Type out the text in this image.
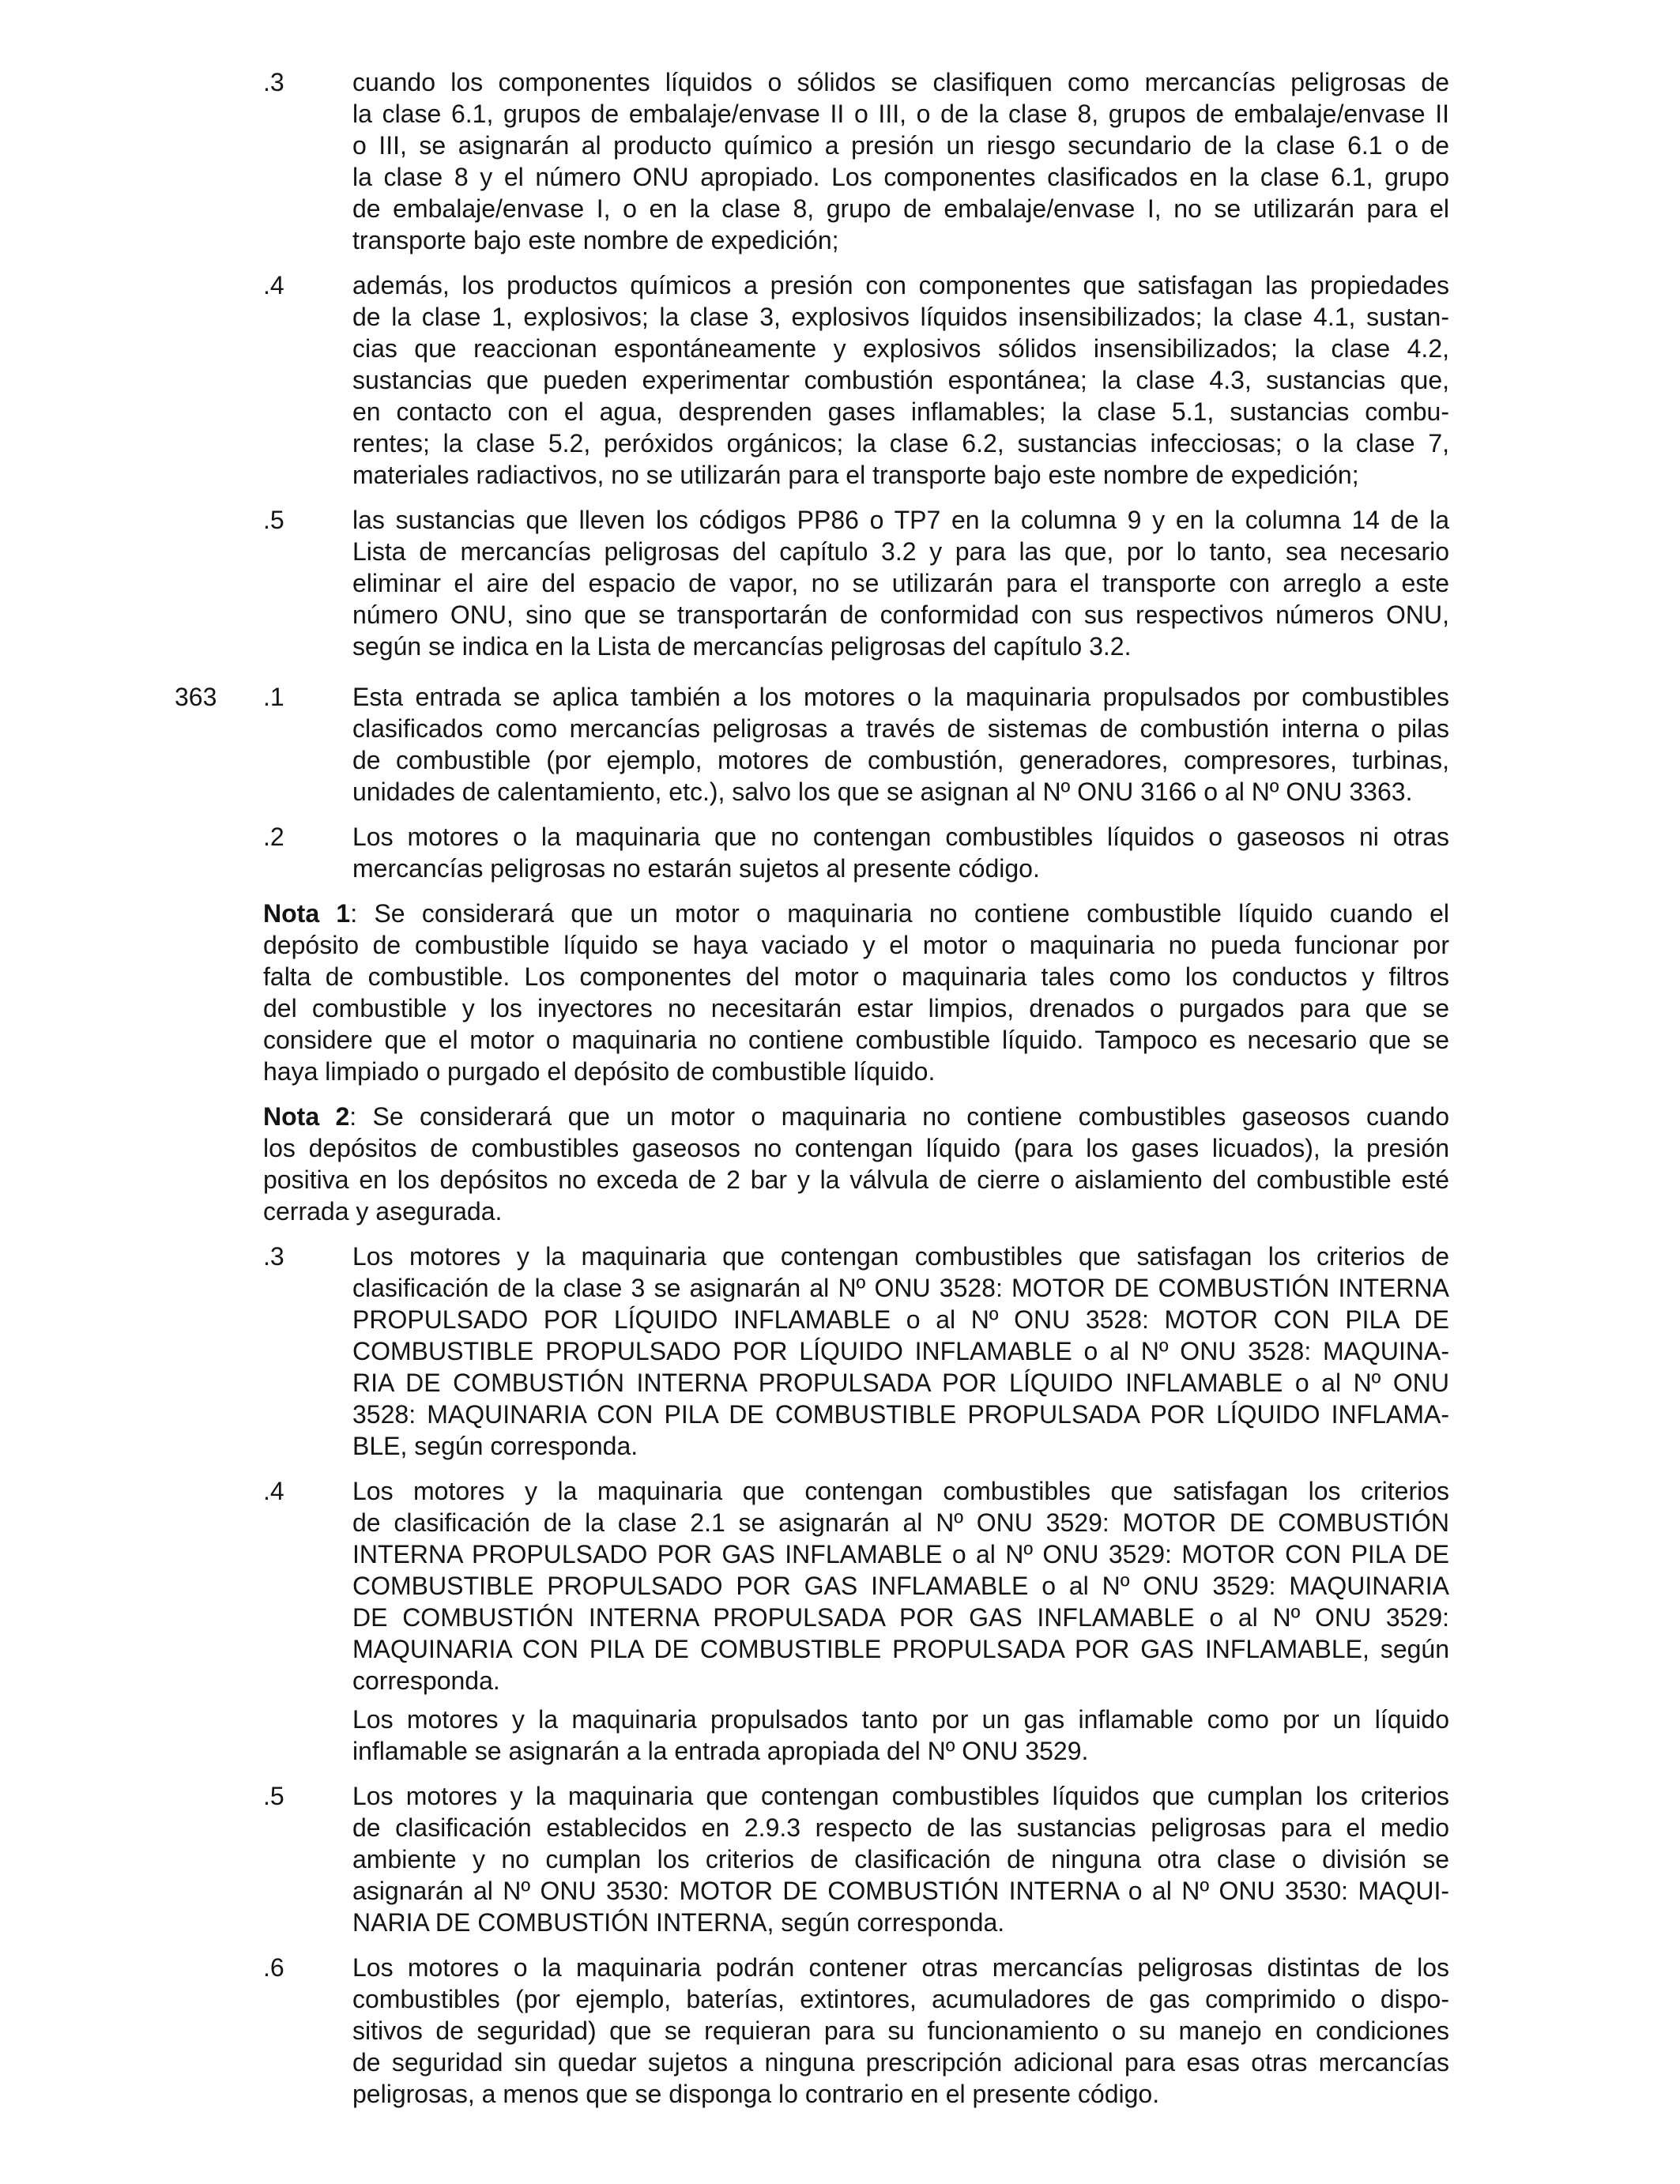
.3	cuando los componentes líquidos o sólidos se clasifiquen como mercancías peligrosas de
la clase 6.1, grupos de embalaje/envase II o III, o de la clase 8, grupos de embalaje/envase II
o III, se asignarán al producto químico a presión un riesgo secundario de la clase 6.1 o de
la clase 8 y el número ONU apropiado. Los componentes clasificados en la clase 6.1, grupo
de embalaje/envase I, o en la clase 8, grupo de embalaje/envase I, no se utilizarán para el
transporte bajo este nombre de expedición;
.4	además, los productos químicos a presión con componentes que satisfagan las propiedades
de la clase 1, explosivos; la clase 3, explosivos líquidos insensibilizados; la clase 4.1, sustan-
cias que reaccionan espontáneamente y explosivos sólidos insensibilizados; la clase 4.2,
sustancias que pueden experimentar combustión espontánea; la clase 4.3, sustancias que,
en contacto con el agua, desprenden gases inflamables; la clase 5.1, sustancias combu-
rentes; la clase 5.2, peróxidos orgánicos; la clase 6.2, sustancias infecciosas; o la clase 7,
materiales radiactivos, no se utilizarán para el transporte bajo este nombre de expedición;
.5	las sustancias que lleven los códigos PP86 o TP7 en la columna 9 y en la columna 14 de la
Lista de mercancías peligrosas del capítulo 3.2 y para las que, por lo tanto, sea necesario
eliminar el aire del espacio de vapor, no se utilizarán para el transporte con arreglo a este
número ONU, sino que se transportarán de conformidad con sus respectivos números ONU,
según se indica en la Lista de mercancías peligrosas del capítulo 3.2.
363 .1	Esta entrada se aplica también a los motores o la maquinaria propulsados por combustibles
clasificados como mercancías peligrosas a través de sistemas de combustión interna o pilas
de combustible (por ejemplo, motores de combustión, generadores, compresores, turbinas,
unidades de calentamiento, etc.), salvo los que se asignan al Nº ONU 3166 o al Nº ONU 3363.
.2	Los motores o la maquinaria que no contengan combustibles líquidos o gaseosos ni otras
mercancías peligrosas no estarán sujetos al presente código.
Nota 1: Se considerará que un motor o maquinaria no contiene combustible líquido cuando el
depósito de combustible líquido se haya vaciado y el motor o maquinaria no pueda funcionar por
falta de combustible. Los componentes del motor o maquinaria tales como los conductos y filtros
del combustible y los inyectores no necesitarán estar limpios, drenados o purgados para que se
considere que el motor o maquinaria no contiene combustible líquido. Tampoco es necesario que se
haya limpiado o purgado el depósito de combustible líquido.
Nota 2: Se considerará que un motor o maquinaria no contiene combustibles gaseosos cuando
los depósitos de combustibles gaseosos no contengan líquido (para los gases licuados), la presión
positiva en los depósitos no exceda de 2 bar y la válvula de cierre o aislamiento del combustible esté
cerrada y asegurada.
.3	Los motores y la maquinaria que contengan combustibles que satisfagan los criterios de
clasificación de la clase 3 se asignarán al Nº ONU 3528: MOTOR DE COMBUSTIÓN INTERNA
PROPULSADO POR LÍQUIDO INFLAMABLE o al Nº ONU 3528: MOTOR CON PILA DE
COMBUSTIBLE PROPULSADO POR LÍQUIDO INFLAMABLE o al Nº ONU 3528: MAQUINA-
RIA DE COMBUSTIÓN INTERNA PROPULSADA POR LÍQUIDO INFLAMABLE o al Nº ONU
3528: MAQUINARIA CON PILA DE COMBUSTIBLE PROPULSADA POR LÍQUIDO INFLAMA-
BLE, según corresponda.
.4	Los motores y la maquinaria que contengan combustibles que satisfagan los criterios
de clasificación de la clase 2.1 se asignarán al Nº ONU 3529: MOTOR DE COMBUSTIÓN
INTERNA PROPULSADO POR GAS INFLAMABLE o al Nº ONU 3529: MOTOR CON PILA DE
COMBUSTIBLE PROPULSADO POR GAS INFLAMABLE o al Nº ONU 3529: MAQUINARIA
DE COMBUSTIÓN INTERNA PROPULSADA POR GAS INFLAMABLE o al Nº ONU 3529:
MAQUINARIA CON PILA DE COMBUSTIBLE PROPULSADA POR GAS INFLAMABLE, según
corresponda.
Los motores y la maquinaria propulsados tanto por un gas inflamable como por un líquido
inflamable se asignarán a la entrada apropiada del Nº ONU 3529.
.5	Los motores y la maquinaria que contengan combustibles líquidos que cumplan los criterios
de clasificación establecidos en 2.9.3 respecto de las sustancias peligrosas para el medio
ambiente y no cumplan los criterios de clasificación de ninguna otra clase o división se
asignarán al Nº ONU 3530: MOTOR DE COMBUSTIÓN INTERNA o al Nº ONU 3530: MAQUI-
NARIA DE COMBUSTIÓN INTERNA, según corresponda.
.6	Los motores o la maquinaria podrán contener otras mercancías peligrosas distintas de los
combustibles (por ejemplo, baterías, extintores, acumuladores de gas comprimido o dispo-
sitivos de seguridad) que se requieran para su funcionamiento o su manejo en condiciones
de seguridad sin quedar sujetos a ninguna prescripción adicional para esas otras mercancías
peligrosas, a menos que se disponga lo contrario en el presente código.
